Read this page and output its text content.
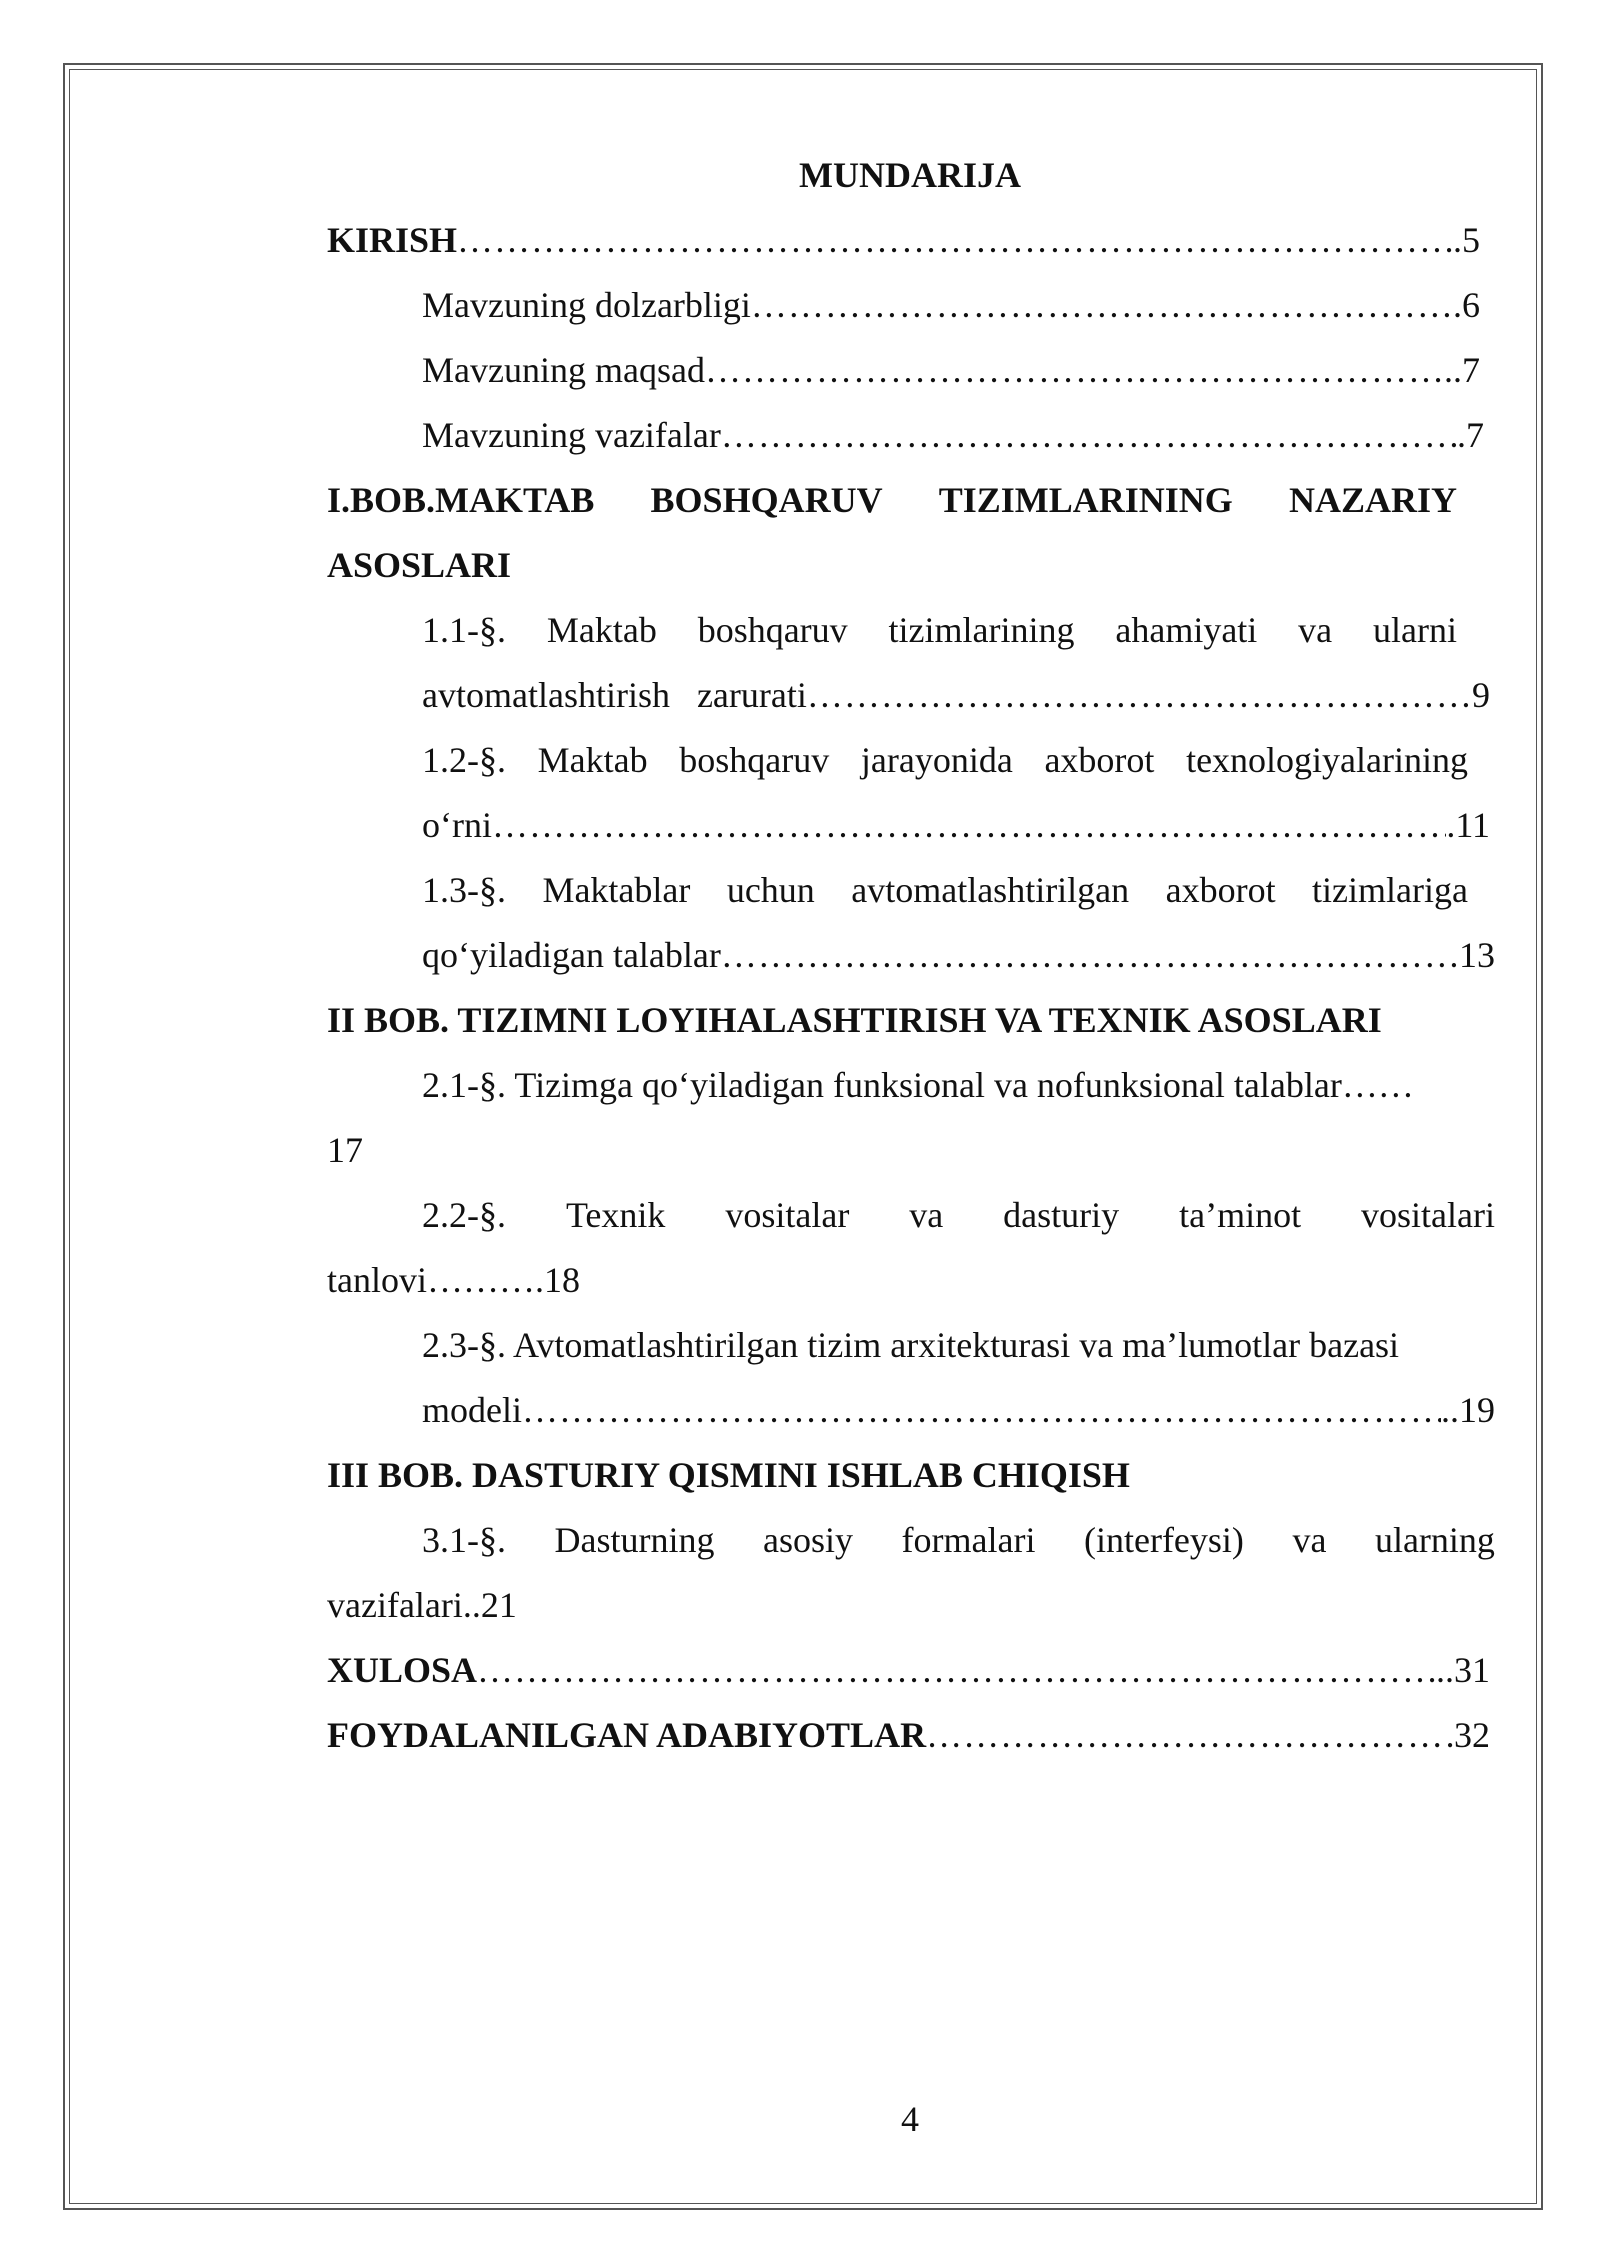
MUNDARIJA
KIRISH ……………………………………………………………………………………………………………………………………	.5
Mavzuning dolzarbligi ……………………………………………………………………………………………………………………………………	.6
Mavzuning maqsad ……………………………………………………………………………………………………………………………………	..7
Mavzuning vazifalar ……………………………………………………………………………………………………………………………………	.7
I.BOB.MAKTAB BOSHQARUV TIZIMLARINING NAZARIY
ASOSLARI
1.1-§. Maktab boshqaruv tizimlarining ahamiyati va ularni
avtomatlashtirish   zarurati ……………………………………………………………………………………………………………………………………	9
1.2-§. Maktab boshqaruv jarayonida axborot texnologiyalarining
o‘rni ……………………………………………………………………………………………………………………………………	.11
1.3-§. Maktablar uchun avtomatlashtirilgan axborot tizimlariga
qo‘yiladigan talablar ……………………………………………………………………………………………………………………………………	13
II BOB. TIZIMNI LOYIHALASHTIRISH VA TEXNIK ASOSLARI
2.1-§. Tizimga qo‘yiladigan funksional va nofunksional talablar……
17
2.2-§. Texnik vositalar va dasturiy ta’minot vositalari
tanlovi……….18
2.3-§. Avtomatlashtirilgan tizim arxitekturasi va ma’lumotlar bazasi
modeli ……………………………………………………………………………………………………………………………………	..19
III BOB. DASTURIY QISMINI ISHLAB CHIQISH
3.1-§. Dasturning asosiy formalari (interfeysi) va ularning
vazifalari..21
XULOSA ……………………………………………………………………………………………………………………………………	..31
FOYDALANILGAN ADABIYOTLAR ……………………………………………………………………………………………………………………………………	32
4
